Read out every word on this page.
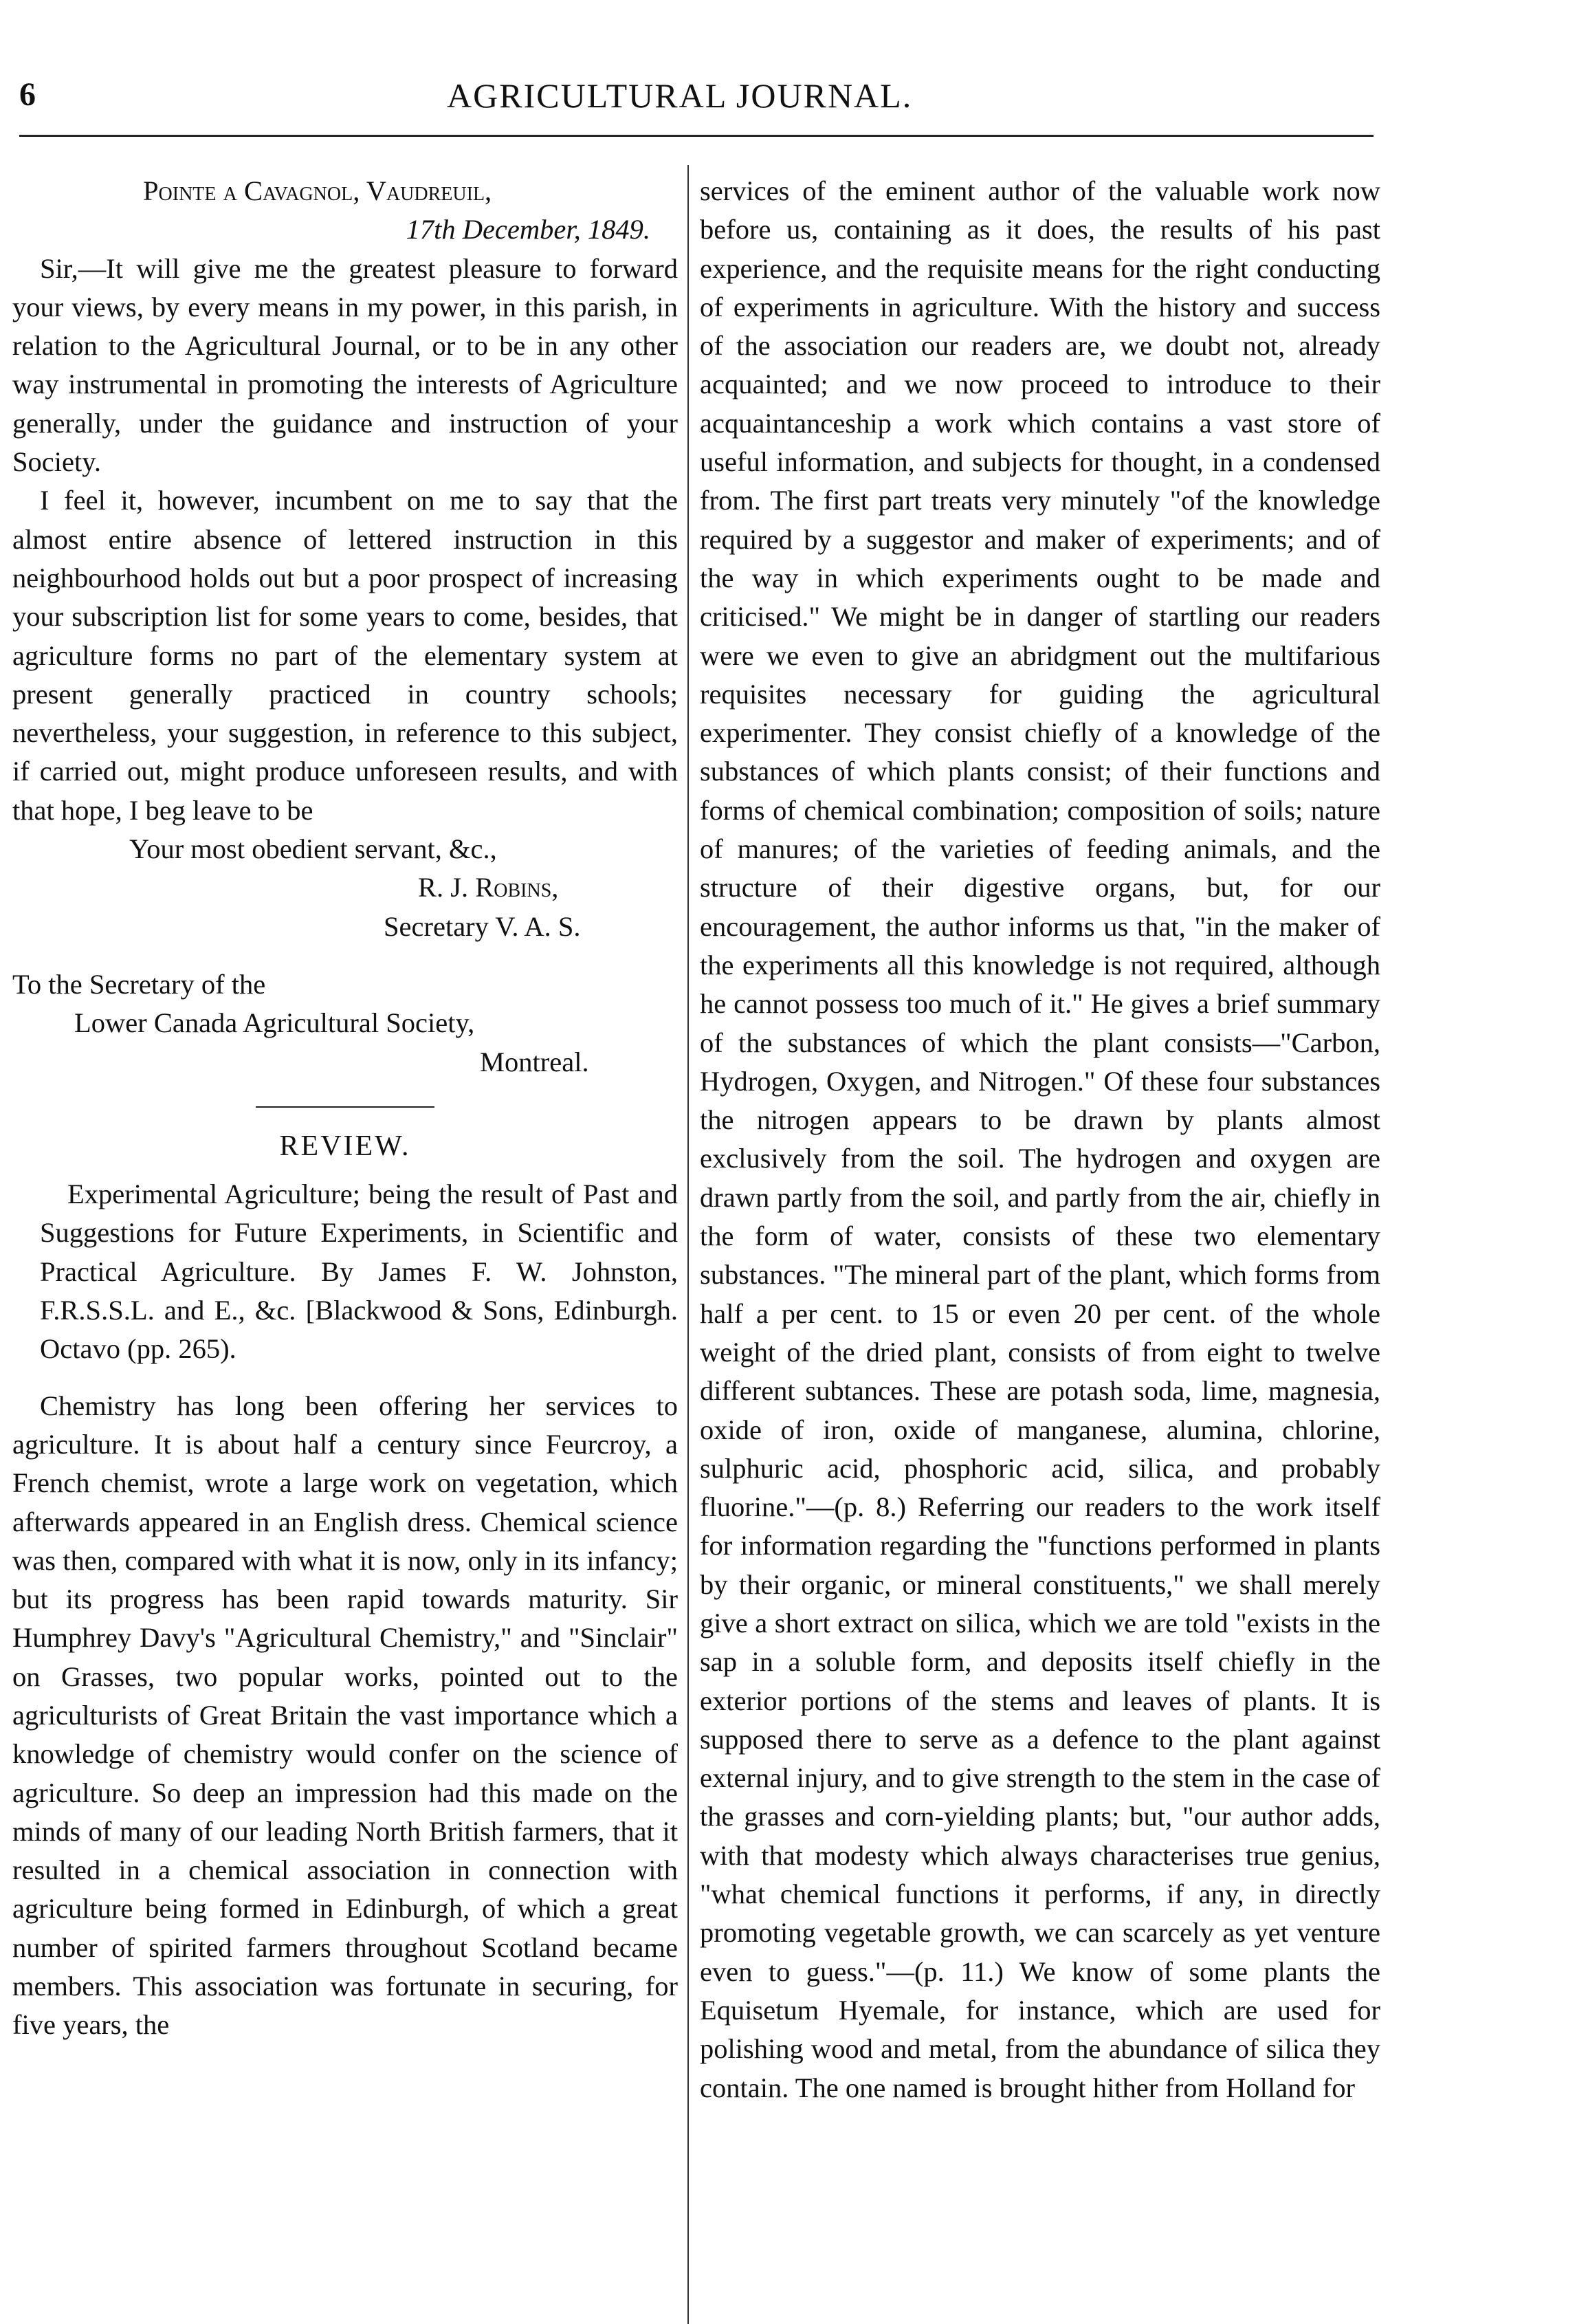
6	AGRICULTURAL JOURNAL.

Pointe a Cavagnol, Vaudreuil,

17th December, 1849.

Sir,—It will give me the greatest pleasure to forward your views, by every means in my power, in this parish, in relation to the Agricultural Journal, or to be in any other way instrumental in promoting the interests of Agriculture generally, under the guidance and instruction of your Society.

I feel it, however, incumbent on me to say that the almost entire absence of lettered instruction in this neighbourhood holds out but a poor prospect of increasing your subscription list for some years to come, besides, that agriculture forms no part of the elementary system at present generally practiced in country schools; nevertheless, your suggestion, in reference to this subject, if carried out, might produce unforeseen results, and with that hope, I beg leave to be

Your most obedient servant, &c.,
R. J. Robins,
Secretary V. A. S.
To the Secretary of the
Lower Canada Agricultural Society,
Montreal.
REVIEW.

Experimental Agriculture; being the result of Past and Suggestions for Future Experiments, in Scientific and Practical Agriculture. By James F. W. Johnston, F.R.S.S.L. and E., &c. [Blackwood & Sons, Edinburgh. Octavo (pp. 265).

Chemistry has long been offering her services to agriculture. It is about half a century since Feurcroy, a French chemist, wrote a large work on vegetation, which afterwards appeared in an English dress. Chemical science was then, compared with what it is now, only in its infancy; but its progress has been rapid towards maturity. Sir Humphrey Davy's "Agricultural Chemistry," and "Sinclair" on Grasses, two popular works, pointed out to the agriculturists of Great Britain the vast importance which a knowledge of chemistry would confer on the science of agriculture. So deep an impression had this made on the minds of many of our leading North British farmers, that it resulted in a chemical association in connection with agriculture being formed in Edinburgh, of which a great number of spirited farmers throughout Scotland became members. This association was fortunate in securing, for five years, the

services of the eminent author of the valuable work now before us, containing as it does, the results of his past experience, and the requisite means for the right conducting of experiments in agriculture. With the history and success of the association our readers are, we doubt not, already acquainted; and we now proceed to introduce to their acquaintanceship a work which contains a vast store of useful information, and subjects for thought, in a condensed from. The first part treats very minutely "of the knowledge required by a suggestor and maker of experiments; and of the way in which experiments ought to be made and criticised." We might be in danger of startling our readers were we even to give an abridgment out the multifarious requisites necessary for guiding the agricultural experimenter. They consist chiefly of a knowledge of the substances of which plants consist; of their functions and forms of chemical combination; composition of soils; nature of manures; of the varieties of feeding animals, and the structure of their digestive organs, but, for our encouragement, the author informs us that, "in the maker of the experiments all this knowledge is not required, although he cannot possess too much of it." He gives a brief summary of the substances of which the plant consists—"Carbon, Hydrogen, Oxygen, and Nitrogen." Of these four substances the nitrogen appears to be drawn by plants almost exclusively from the soil. The hydrogen and oxygen are drawn partly from the soil, and partly from the air, chiefly in the form of water, consists of these two elementary substances. "The mineral part of the plant, which forms from half a per cent. to 15 or even 20 per cent. of the whole weight of the dried plant, consists of from eight to twelve different subtances. These are potash soda, lime, magnesia, oxide of iron, oxide of manganese, alumina, chlorine, sulphuric acid, phosphoric acid, silica, and probably fluorine."—(p. 8.) Referring our readers to the work itself for information regarding the "functions performed in plants by their organic, or mineral constituents," we shall merely give a short extract on silica, which we are told "exists in the sap in a soluble form, and deposits itself chiefly in the exterior portions of the stems and leaves of plants. It is supposed there to serve as a defence to the plant against external injury, and to give strength to the stem in the case of the grasses and corn-yielding plants; but, "our author adds, with that modesty which always characterises true genius, "what chemical functions it performs, if any, in directly promoting vegetable growth, we can scarcely as yet venture even to guess."—(p. 11.) We know of some plants the Equisetum Hyemale, for instance, which are used for polishing wood and metal, from the abundance of silica they contain. The one named is brought hither from Holland for
